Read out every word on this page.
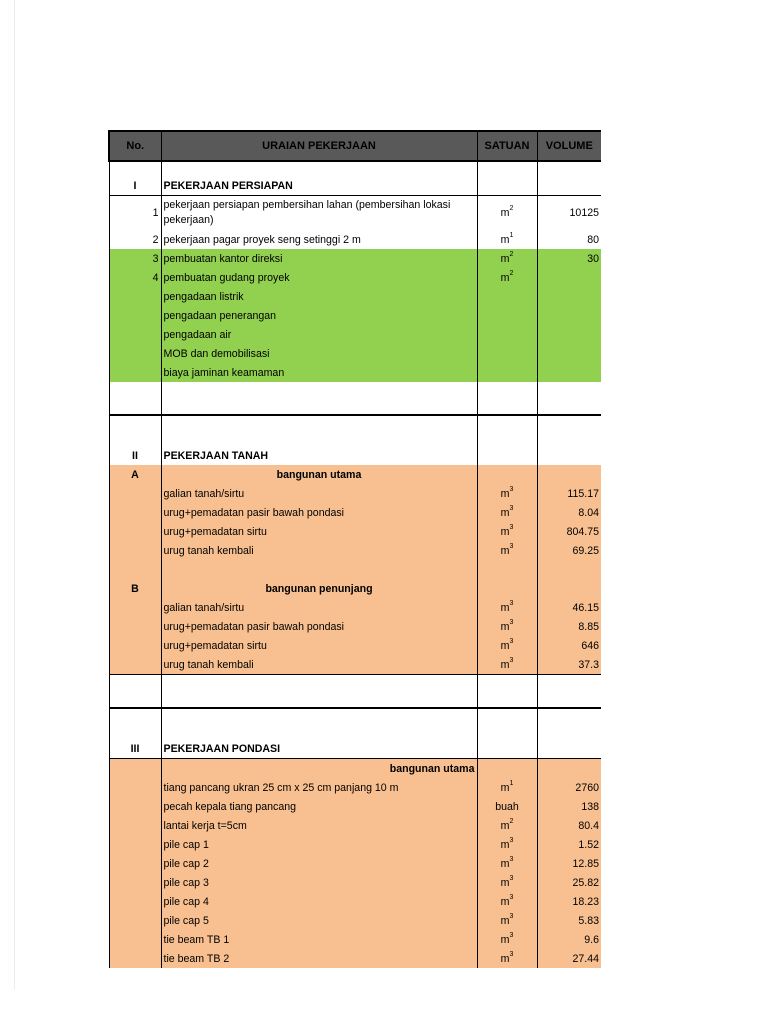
No.	URAIAN PEKERJAAN	SATUAN	VOLUME

I	PEKERJAAN PERSIAPAN		
1	pekerjaan persiapan pembersihan lahan (pembersihan lokasi pekerjaan)	$m^2$	10125
2	pekerjaan pagar proyek seng setinggi 2 m	$m^1$	80
3	pembuatan kantor direksi	$m^2$	30
4	pembuatan gudang proyek	$m^2$	
	pengadaan listrik		
	pengadaan penerangan		
	pengadaan air		
	MOB dan demobilisasi		
	biaya jaminan keamaman		

II	PEKERJAAN TANAH		
A	bangunan utama		
	galian tanah/sirtu	$m^3$	115.17
	urug+pemadatan pasir bawah pondasi	$m^3$	8.04
	urug+pemadatan sirtu	$m^3$	804.75
	urug tanah kembali	$m^3$	69.25

B	bangunan penunjang		
	galian tanah/sirtu	$m^3$	46.15
	urug+pemadatan pasir bawah pondasi	$m^3$	8.85
	urug+pemadatan sirtu	$m^3$	646
	urug tanah kembali	$m^3$	37.3

III	PEKERJAAN PONDASI		
	bangunan utama		
	tiang pancang ukran 25 cm x 25 cm panjang 10 m	$m^1$	2760
	pecah kepala tiang pancang	buah	138
	lantai kerja t=5cm	$m^2$	80.4
	pile cap 1	$m^3$	1.52
	pile cap 2	$m^3$	12.85
	pile cap 3	$m^3$	25.82
	pile cap 4	$m^3$	18.23
	pile cap 5	$m^3$	5.83
	tie beam TB 1	$m^3$	9.6
	tie beam TB 2	$m^3$	27.44
